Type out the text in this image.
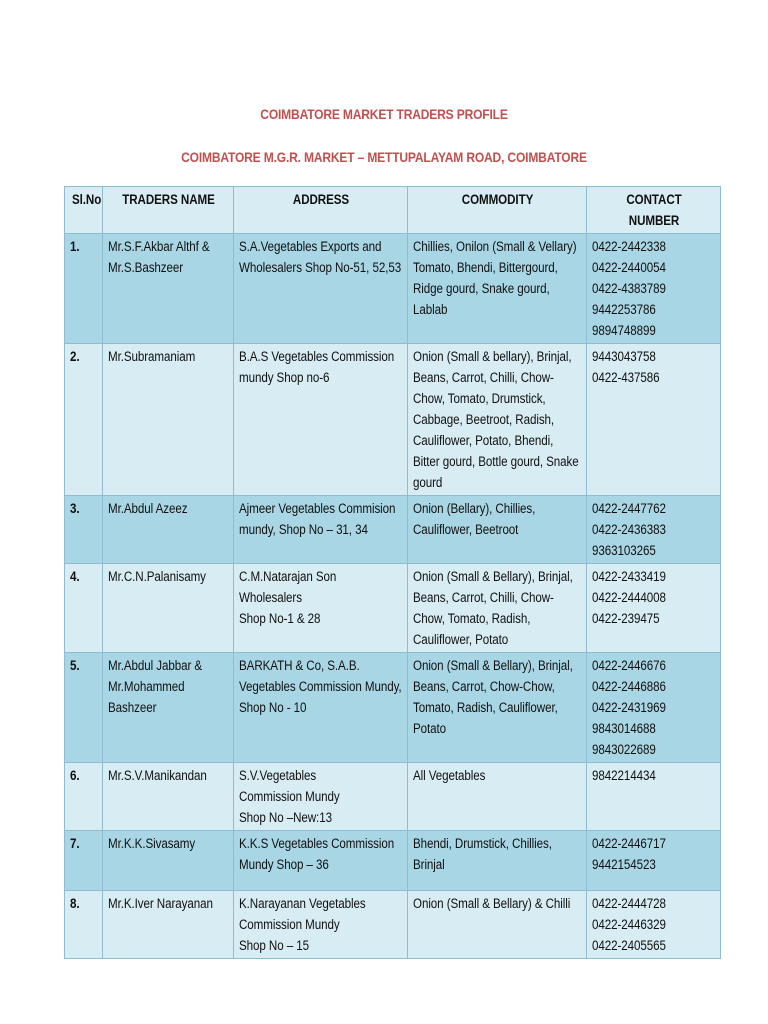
COIMBATORE MARKET TRADERS PROFILE
COIMBATORE M.G.R. MARKET – METTUPALAYAM ROAD, COIMBATORE
Sl.No	TRADERS NAME	ADDRESS	COMMODITY	CONTACT NUMBER

1.	Mr.S.F.Akbar Althf &
Mr.S.Bashzeer	S.A.Vegetables Exports and Wholesalers Shop No-51, 52,53	Chillies, Onilon (Small & Vellary) Tomato, Bhendi, Bittergourd, Ridge gourd, Snake gourd, Lablab	0422-2442338
0422-2440054
0422-4383789
9442253786
9894748899

2.	Mr.Subramaniam	B.A.S Vegetables Commission mundy Shop no-6	Onion (Small & bellary), Brinjal, Beans, Carrot, Chilli, Chow-Chow, Tomato, Drumstick, Cabbage, Beetroot, Radish, Cauliflower, Potato, Bhendi, Bitter gourd, Bottle gourd, Snake gourd	9443043758
0422-437586

3.	Mr.Abdul Azeez	Ajmeer Vegetables Commision mundy, Shop No – 31, 34	Onion (Bellary), Chillies, Cauliflower, Beetroot	0422-2447762
0422-2436383
9363103265

4.	Mr.C.N.Palanisamy	C.M.Natarajan Son
Wholesalers
Shop No-1 & 28	Onion (Small & Bellary), Brinjal, Beans, Carrot, Chilli, Chow-Chow, Tomato, Radish, Cauliflower, Potato	0422-2433419
0422-2444008
0422-239475

5.	Mr.Abdul Jabbar &
Mr.Mohammed
Bashzeer	BARKATH & Co, S.A.B. Vegetables Commission Mundy, Shop No - 10	Onion (Small & Bellary), Brinjal, Beans, Carrot, Chow-Chow, Tomato, Radish, Cauliflower, Potato	0422-2446676
0422-2446886
0422-2431969
9843014688
9843022689

6.	Mr.S.V.Manikandan	S.V.Vegetables
Commission Mundy
Shop No –New:13	All Vegetables	9842214434

7.	Mr.K.K.Sivasamy	K.K.S Vegetables Commission Mundy Shop – 36	Bhendi, Drumstick, Chillies, Brinjal	0422-2446717
9442154523

8.	Mr.K.Iver Narayanan	K.Narayanan Vegetables
Commission Mundy
Shop No – 15	Onion (Small & Bellary) & Chilli	0422-2444728
0422-2446329
0422-2405565
